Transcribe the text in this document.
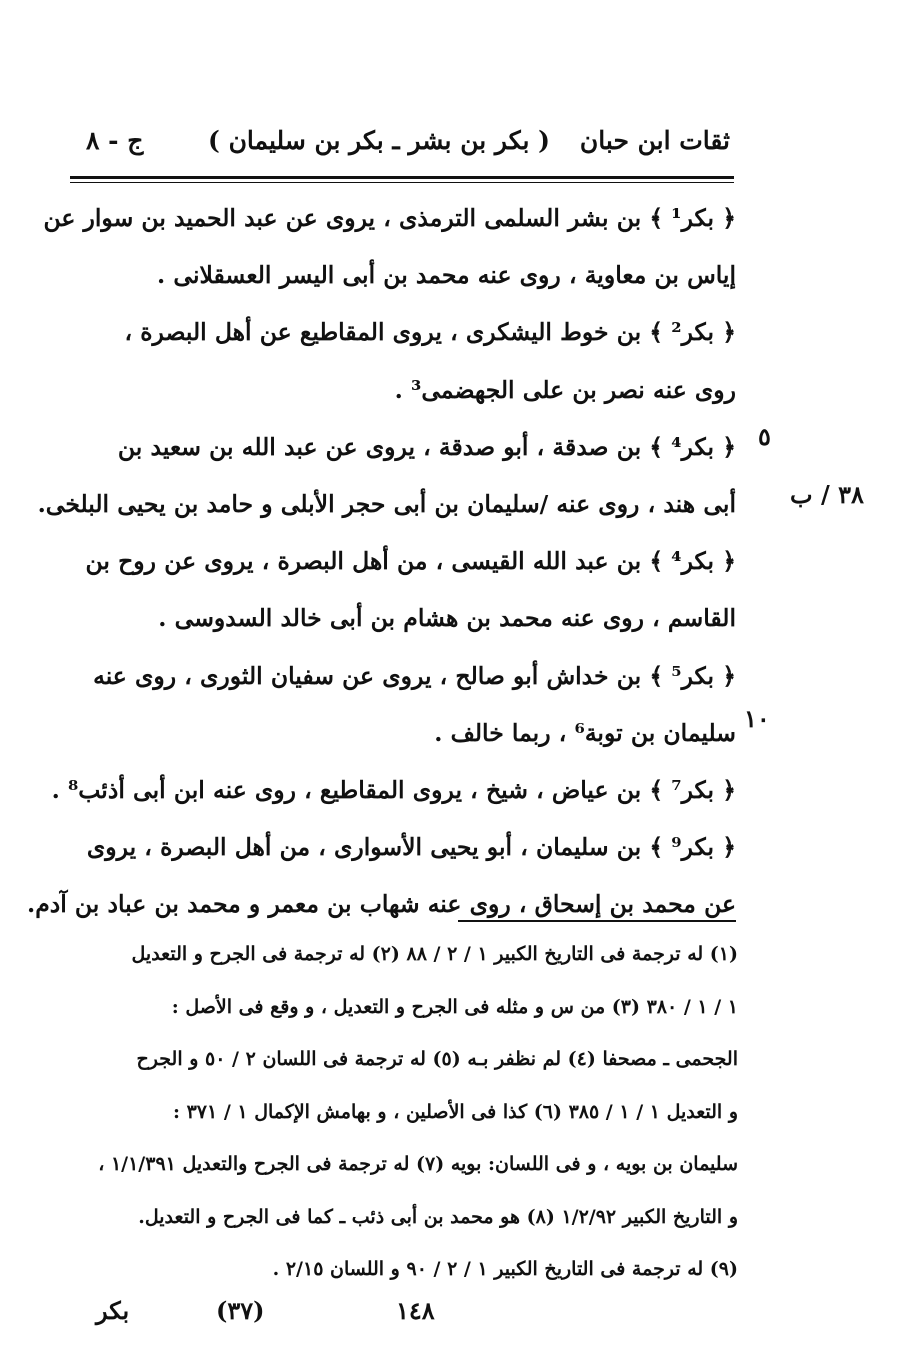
ثقات ابن حبان
( بكر بن بشر ـ بكر بن سليمان )
ج - ٨
﴿ بكر¹ ﴾ بن بشر السلمى الترمذى ، يروى عن عبد الحميد بن سوار عن
إياس بن معاوية ، روى عنه محمد بن أبى اليسر العسقلانى .
﴿ بكر² ﴾ بن خوط اليشكرى ، يروى المقاطيع عن أهل البصرة ،
روى عنه نصر بن على الجهضمى³ .
﴿ بكر⁴ ﴾ بن صدقة ، أبو صدقة ، يروى عن عبد الله بن سعيد بن
أبى هند ، روى عنه /سليمان بن أبى حجر الأبلى و حامد بن يحيى البلخى.
﴿ بكر⁴ ﴾ بن عبد الله القيسى ، من أهل البصرة ، يروى عن روح بن
القاسم ، روى عنه محمد بن هشام بن أبى خالد السدوسى .
﴿ بكر⁵ ﴾ بن خداش أبو صالح ، يروى عن سفيان الثورى ، روى عنه
سليمان بن توبة⁶ ، ربما خالف .
﴿ بكر⁷ ﴾ بن عياض ، شيخ ، يروى المقاطيع ، روى عنه ابن أبى أذئب⁸ .
﴿ بكر⁹ ﴾ بن سليمان ، أبو يحيى الأسوارى ، من أهل البصرة ، يروى
عن محمد بن إسحاق ، روى عنه شهاب بن معمر و محمد بن عباد بن آدم.
٥
٣٨ / ب
١٠
(١) له ترجمة فى التاريخ الكبير ١ / ٢ / ٨٨ (٢) له ترجمة فى الجرح و التعديل
١ / ١ / ٣٨٠ (٣) من س و مثله فى الجرح و التعديل ، و وقع فى الأصل :
الجحمى ـ مصحفا (٤) لم نظفر بـه (٥) له ترجمة فى اللسان ٢ / ٥٠ و الجرح
و التعديل ١ / ١ / ٣٨٥ (٦) كذا فى الأصلين ، و بهامش الإكمال ١ / ٣٧١ :
سليمان بن بويه ، و فى اللسان: بويه (٧) له ترجمة فى الجرح والتعديل ١/١/٣٩١ ،
و التاريخ الكبير ١/٢/٩٢ (٨) هو محمد بن أبى ذئب ـ كما فى الجرح و التعديل.
(٩) له ترجمة فى التاريخ الكبير ١ / ٢ / ٩٠ و اللسان ٢/١٥ .
١٤٨
(٣٧)
بكر
